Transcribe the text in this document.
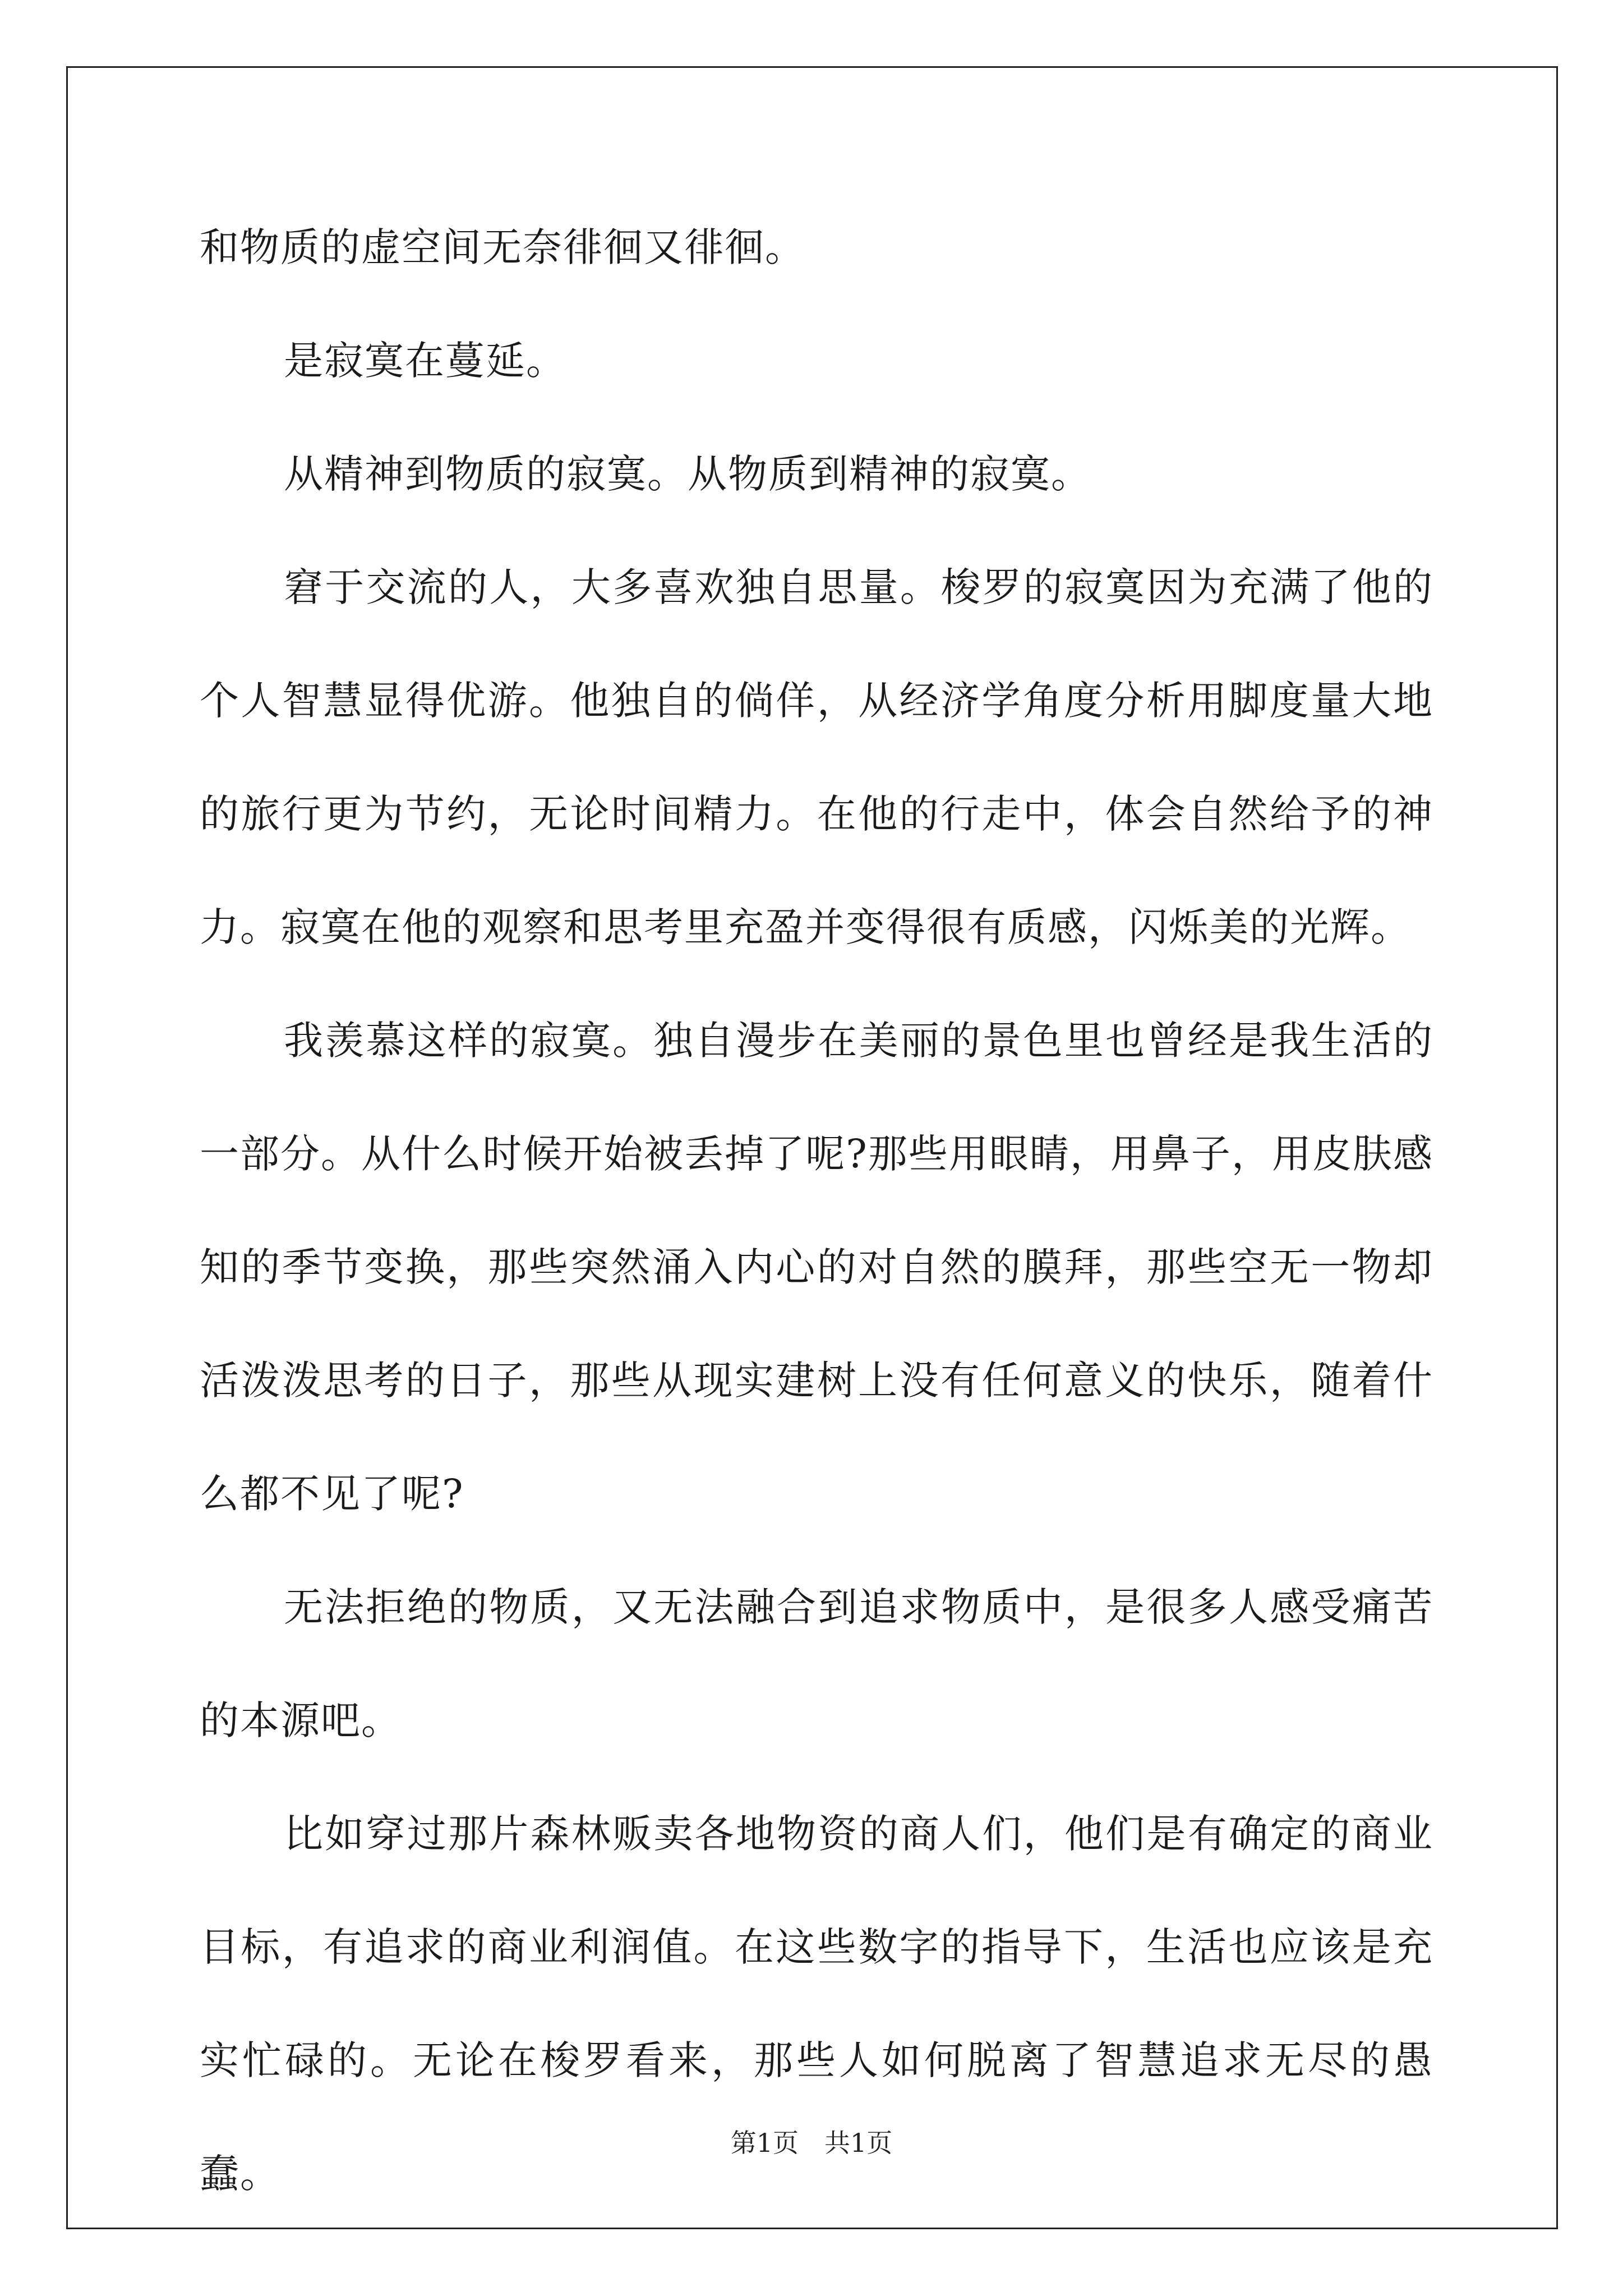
和物质的虚空间无奈徘徊又徘徊。

是寂寞在蔓延。

从精神到物质的寂寞。从物质到精神的寂寞。

窘于交流的人，大多喜欢独自思量。梭罗的寂寞因为充满了他的个人智慧显得优游。他独自的倘佯，从经济学角度分析用脚度量大地的旅行更为节约，无论时间精力。在他的行走中，体会自然给予的神力。寂寞在他的观察和思考里充盈并变得很有质感，闪烁美的光辉。

我羡慕这样的寂寞。独自漫步在美丽的景色里也曾经是我生活的一部分。从什么时候开始被丢掉了呢?那些用眼睛，用鼻子，用皮肤感知的季节变换，那些突然涌入内心的对自然的膜拜，那些空无一物却活泼泼思考的日子，那些从现实建树上没有任何意义的快乐，随着什么都不见了呢?

无法拒绝的物质，又无法融合到追求物质中，是很多人感受痛苦的本源吧。

比如穿过那片森林贩卖各地物资的商人们，他们是有确定的商业目标，有追求的商业利润值。在这些数字的指导下，生活也应该是充实忙碌的。无论在梭罗看来，那些人如何脱离了智慧追求无尽的愚蠢。

第1页　共1页
